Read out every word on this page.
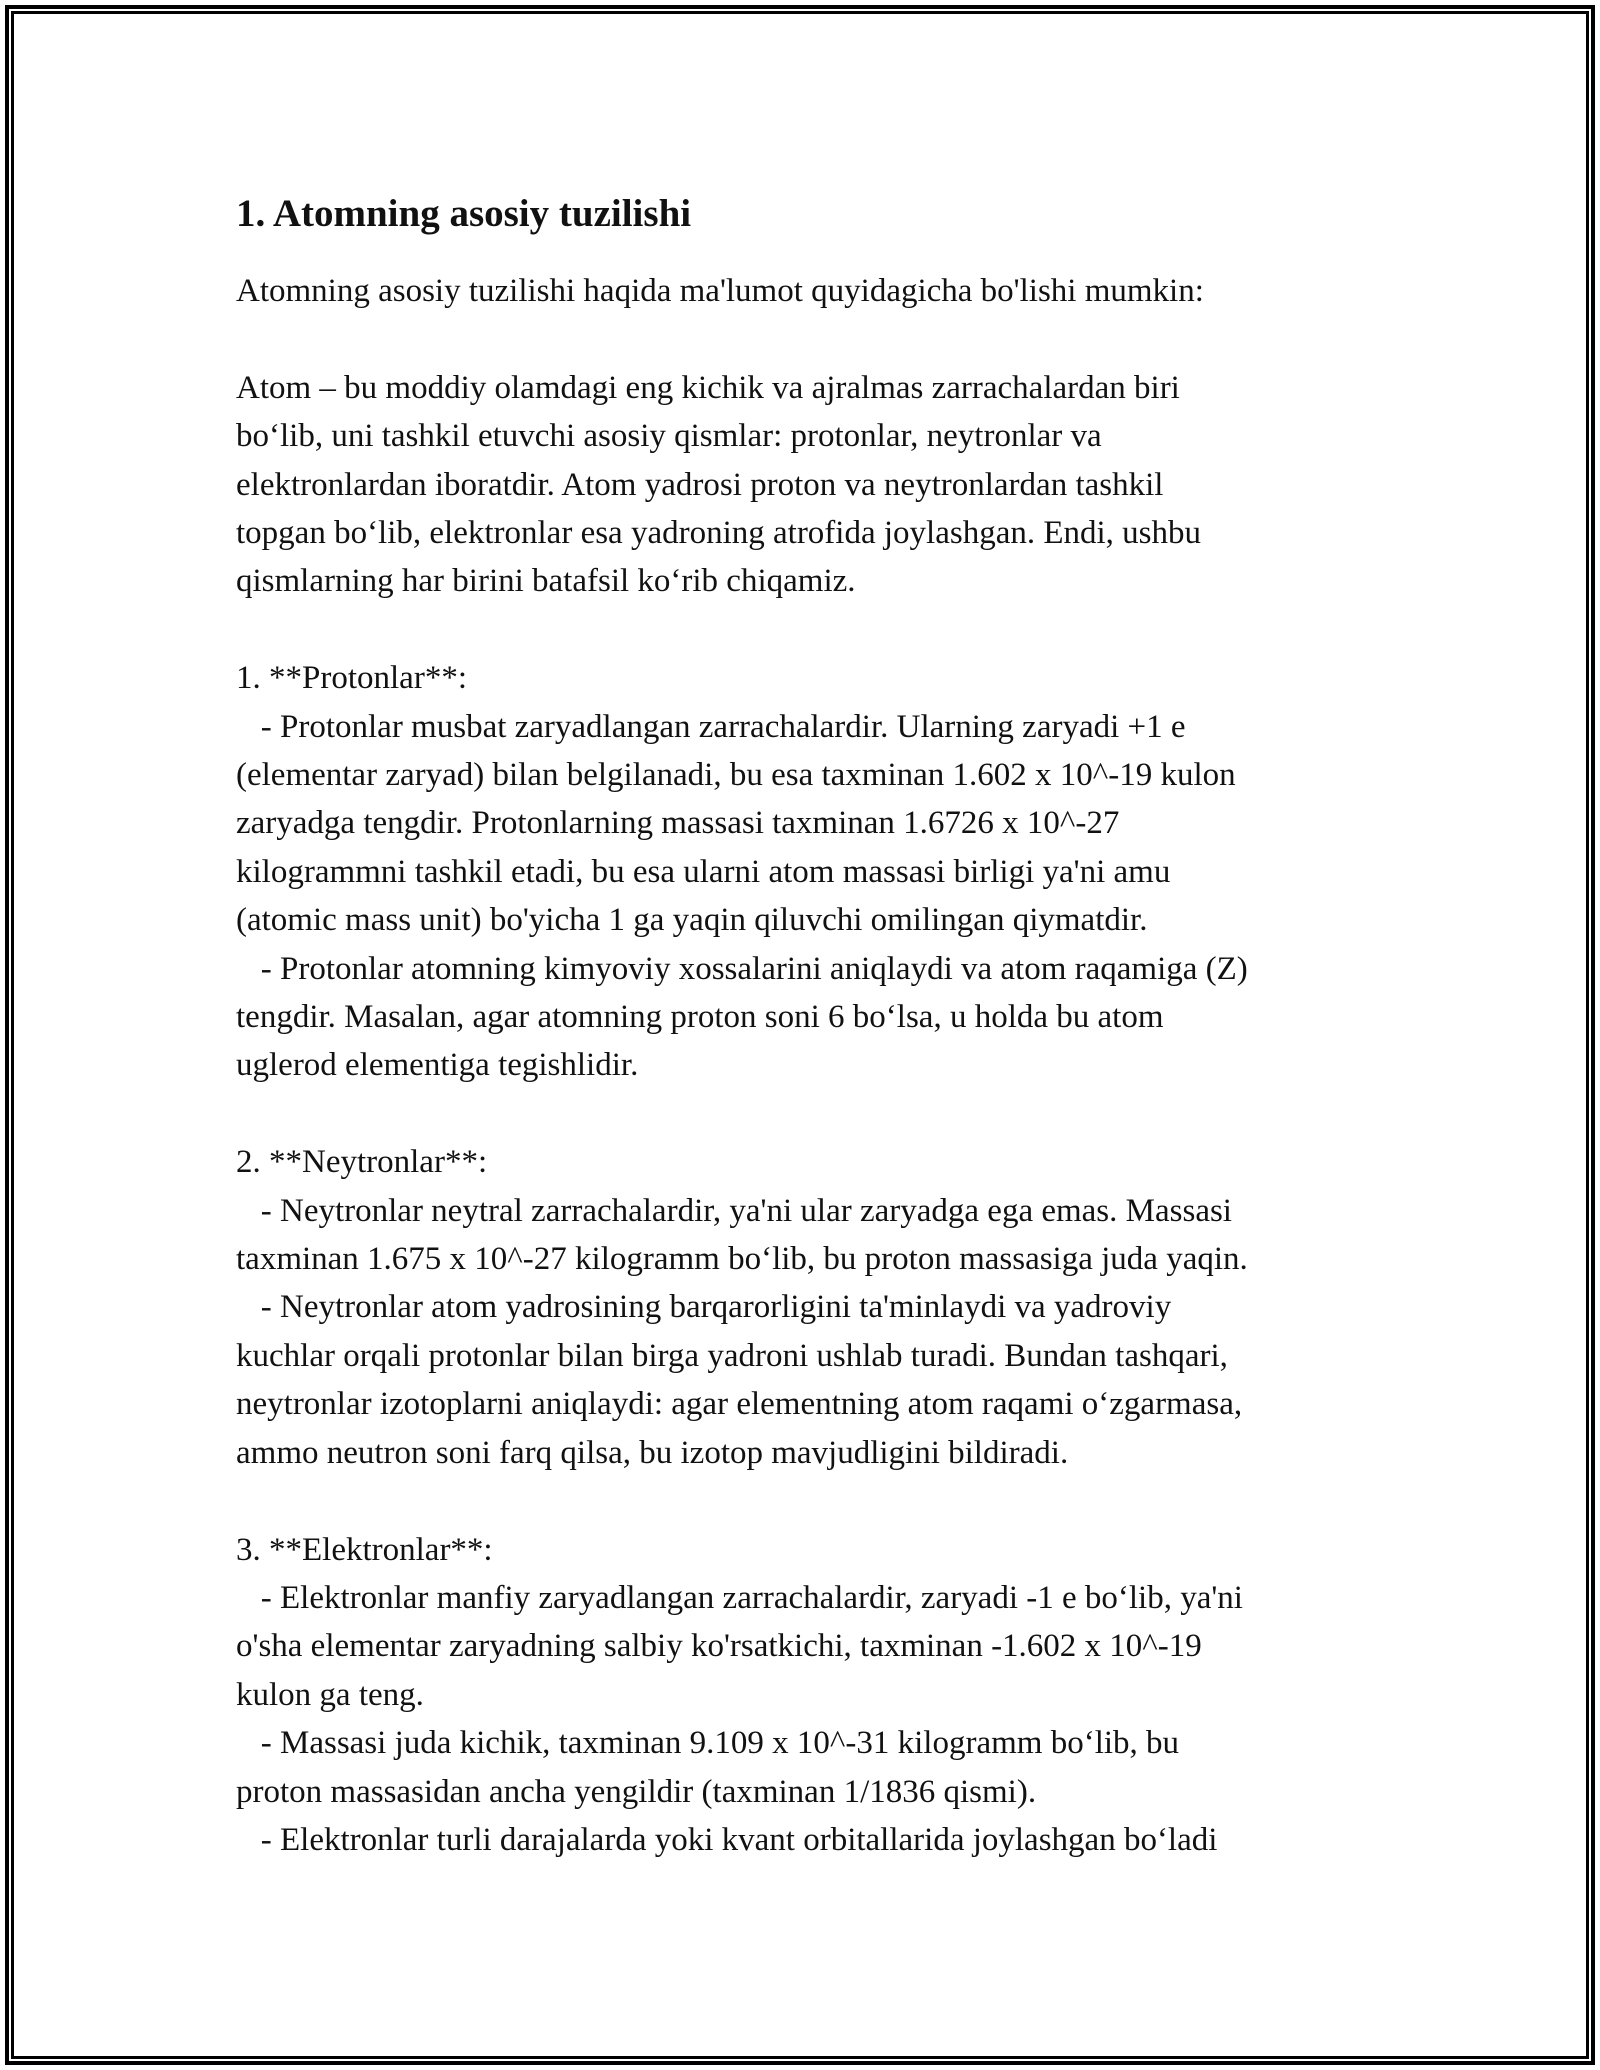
1. Atomning asosiy tuzilishi

Atomning asosiy tuzilishi haqida ma'lumot quyidagicha bo'lishi mumkin:

Atom – bu moddiy olamdagi eng kichik va ajralmas zarrachalardan biri
bo‘lib, uni tashkil etuvchi asosiy qismlar: protonlar, neytronlar va
elektronlardan iboratdir. Atom yadrosi proton va neytronlardan tashkil
topgan bo‘lib, elektronlar esa yadroning atrofida joylashgan. Endi, ushbu
qismlarning har birini batafsil ko‘rib chiqamiz.
1. **Protonlar**:
- Protonlar musbat zaryadlangan zarrachalardir. Ularning zaryadi +1 e
(elementar zaryad) bilan belgilanadi, bu esa taxminan 1.602 x 10^-19 kulon
zaryadga tengdir. Protonlarning massasi taxminan 1.6726 x 10^-27
kilogrammni tashkil etadi, bu esa ularni atom massasi birligi ya'ni amu
(atomic mass unit) bo'yicha 1 ga yaqin qiluvchi omilingan qiymatdir.
- Protonlar atomning kimyoviy xossalarini aniqlaydi va atom raqamiga (Z)
tengdir. Masalan, agar atomning proton soni 6 bo‘lsa, u holda bu atom
uglerod elementiga tegishlidir.
2. **Neytronlar**:
- Neytronlar neytral zarrachalardir, ya'ni ular zaryadga ega emas. Massasi
taxminan 1.675 x 10^-27 kilogramm bo‘lib, bu proton massasiga juda yaqin.
- Neytronlar atom yadrosining barqarorligini ta'minlaydi va yadroviy
kuchlar orqali protonlar bilan birga yadroni ushlab turadi. Bundan tashqari,
neytronlar izotoplarni aniqlaydi: agar elementning atom raqami o‘zgarmasa,
ammo neutron soni farq qilsa, bu izotop mavjudligini bildiradi.
3. **Elektronlar**:
- Elektronlar manfiy zaryadlangan zarrachalardir, zaryadi -1 e bo‘lib, ya'ni
o'sha elementar zaryadning salbiy ko'rsatkichi, taxminan -1.602 x 10^-19
kulon ga teng.
- Massasi juda kichik, taxminan 9.109 x 10^-31 kilogramm bo‘lib, bu
proton massasidan ancha yengildir (taxminan 1/1836 qismi).
- Elektronlar turli darajalarda yoki kvant orbitallarida joylashgan bo‘ladi
